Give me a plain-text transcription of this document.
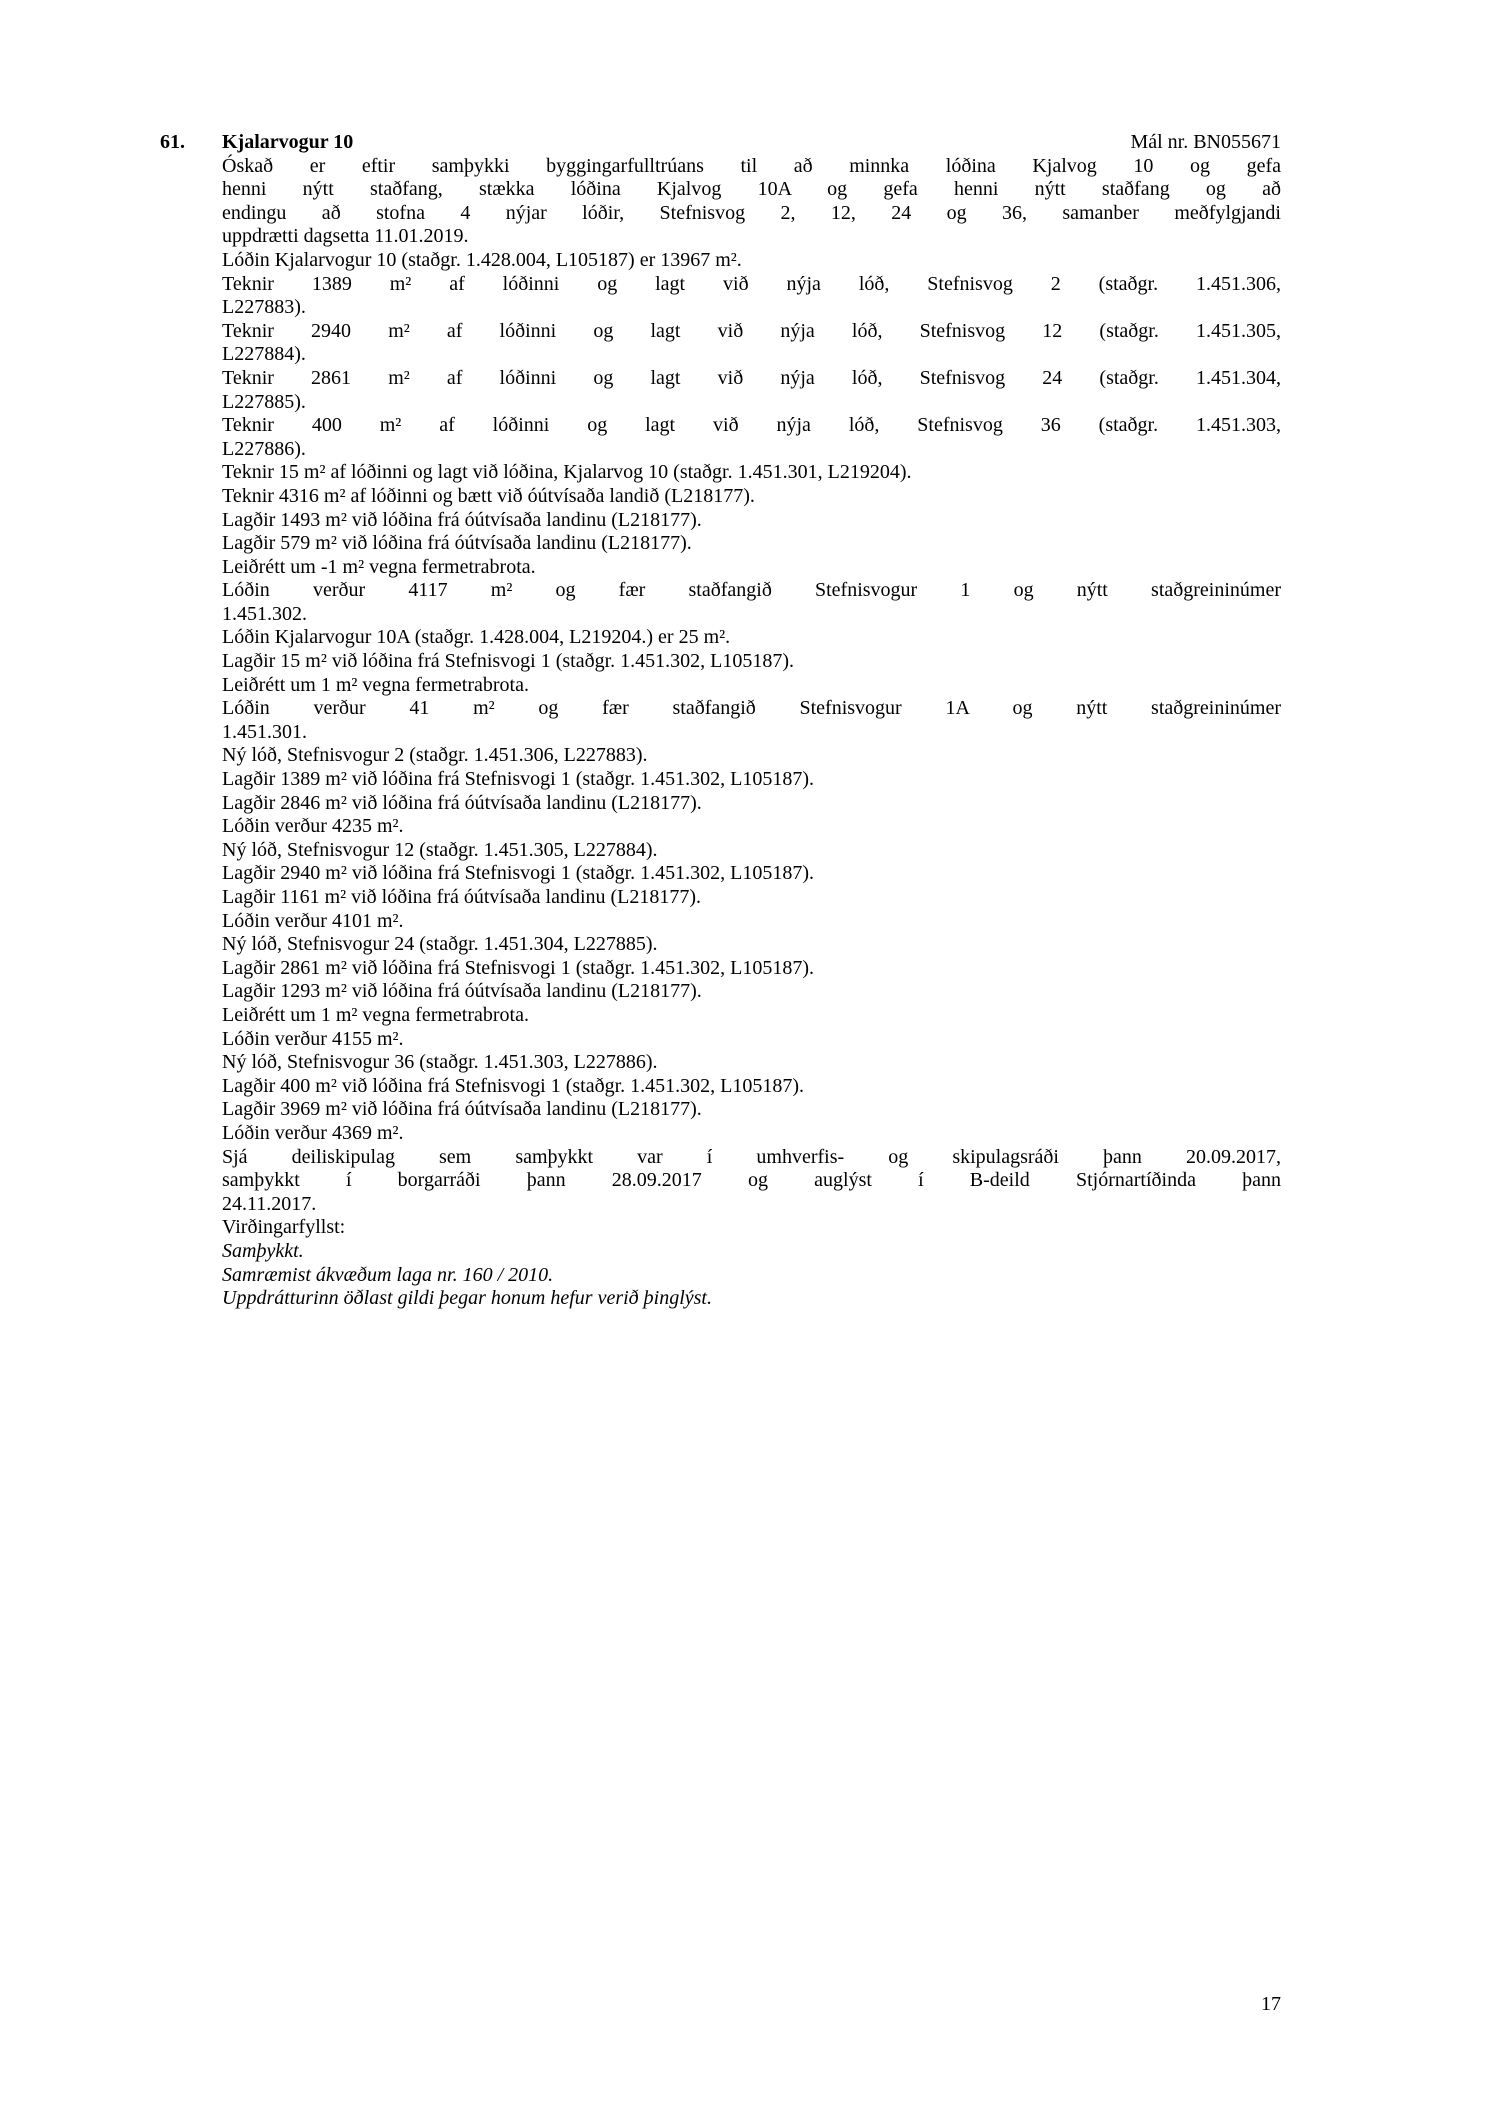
61. Kjalarvogur 10	Mál nr. BN055671
Óskað er eftir samþykki byggingarfulltrúans til að minnka lóðina Kjalvog 10 og gefa
henni nýtt staðfang, stækka lóðina Kjalvog 10A og gefa henni nýtt staðfang og að
endingu að stofna 4 nýjar lóðir, Stefnisvog 2, 12, 24 og 36, samanber meðfylgjandi
uppdrætti dagsetta 11.01.2019.
Lóðin Kjalarvogur 10 (staðgr. 1.428.004, L105187) er 13967 m².
Teknir 1389 m² af lóðinni og lagt við nýja lóð, Stefnisvog 2 (staðgr. 1.451.306,
L227883).
Teknir 2940 m² af lóðinni og lagt við nýja lóð, Stefnisvog 12 (staðgr. 1.451.305,
L227884).
Teknir 2861 m² af lóðinni og lagt við nýja lóð, Stefnisvog 24 (staðgr. 1.451.304,
L227885).
Teknir 400 m² af lóðinni og lagt við nýja lóð, Stefnisvog 36 (staðgr. 1.451.303,
L227886).
Teknir 15 m² af lóðinni og lagt við lóðina, Kjalarvog 10 (staðgr. 1.451.301, L219204).
Teknir 4316 m² af lóðinni og bætt við óútvísaða landið (L218177).
Lagðir 1493 m² við lóðina frá óútvísaða landinu (L218177).
Lagðir 579 m² við lóðina frá óútvísaða landinu (L218177).
Leiðrétt um -1 m² vegna fermetrabrota.
Lóðin verður 4117 m² og fær staðfangið Stefnisvogur 1 og nýtt staðgreininúmer
1.451.302.
Lóðin Kjalarvogur 10A (staðgr. 1.428.004, L219204.) er 25 m².
Lagðir 15 m² við lóðina frá Stefnisvogi 1 (staðgr. 1.451.302, L105187).
Leiðrétt um 1 m² vegna fermetrabrota.
Lóðin verður 41 m² og fær staðfangið Stefnisvogur 1A og nýtt staðgreininúmer
1.451.301.
Ný lóð, Stefnisvogur 2 (staðgr. 1.451.306, L227883).
Lagðir 1389 m² við lóðina frá Stefnisvogi 1 (staðgr. 1.451.302, L105187).
Lagðir 2846 m² við lóðina frá óútvísaða landinu (L218177).
Lóðin verður 4235 m².
Ný lóð, Stefnisvogur 12 (staðgr. 1.451.305, L227884).
Lagðir 2940 m² við lóðina frá Stefnisvogi 1 (staðgr. 1.451.302, L105187).
Lagðir 1161 m² við lóðina frá óútvísaða landinu (L218177).
Lóðin verður 4101 m².
Ný lóð, Stefnisvogur 24 (staðgr. 1.451.304, L227885).
Lagðir 2861 m² við lóðina frá Stefnisvogi 1 (staðgr. 1.451.302, L105187).
Lagðir 1293 m² við lóðina frá óútvísaða landinu (L218177).
Leiðrétt um 1 m² vegna fermetrabrota.
Lóðin verður 4155 m².
Ný lóð, Stefnisvogur 36 (staðgr. 1.451.303, L227886).
Lagðir 400 m² við lóðina frá Stefnisvogi 1 (staðgr. 1.451.302, L105187).
Lagðir 3969 m² við lóðina frá óútvísaða landinu (L218177).
Lóðin verður 4369 m².
Sjá deiliskipulag sem samþykkt var í umhverfis- og skipulagsráði þann 20.09.2017,
samþykkt í borgarráði þann 28.09.2017 og auglýst í B-deild Stjórnartíðinda þann
24.11.2017.
Virðingarfyllst:
Samþykkt.
Samræmist ákvæðum laga nr. 160 / 2010.
Uppdrátturinn öðlast gildi þegar honum hefur verið þinglýst.
17
